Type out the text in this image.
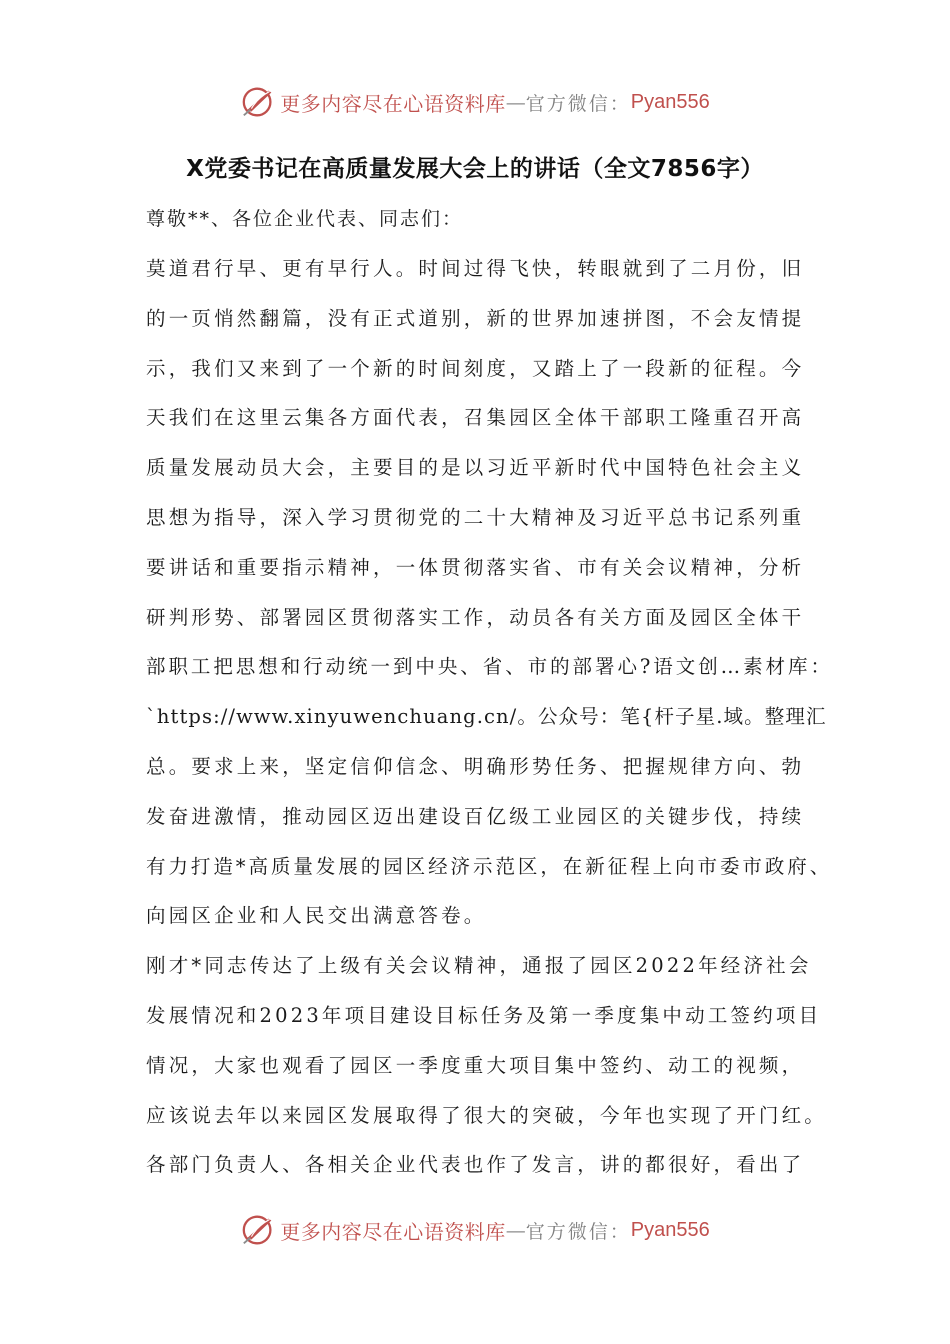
更多内容尽在心语资料库 — 官方微信： Pyan556
X党委书记在高质量发展大会上的讲话（全文7856字）
尊敬**、各位企业代表、同志们：
莫道君行早、更有早行人。时间过得飞快，转眼就到了二月份，旧
的一页悄然翻篇，没有正式道别，新的世界加速拼图，不会友情提
示，我们又来到了一个新的时间刻度，又踏上了一段新的征程。今
天我们在这里云集各方面代表，召集园区全体干部职工隆重召开高
质量发展动员大会，主要目的是以习近平新时代中国特色社会主义
思想为指导，深入学习贯彻党的二十大精神及习近平总书记系列重
要讲话和重要指示精神，一体贯彻落实省、市有关会议精神，分析
研判形势、部署园区贯彻落实工作，动员各有关方面及园区全体干
部职工把思想和行动统一到中央、省、市的部署心?语文创…素材库：
`https://www.xinyuwenchuang.cn/。公众号：笔{杆子星.域。整理汇
总。要求上来，坚定信仰信念、明确形势任务、把握规律方向、勃
发奋进激情，推动园区迈出建设百亿级工业园区的关键步伐，持续
有力打造*高质量发展的园区经济示范区，在新征程上向市委市政府、
向园区企业和人民交出满意答卷。
刚才*同志传达了上级有关会议精神，通报了园区2022年经济社会
发展情况和2023年项目建设目标任务及第一季度集中动工签约项目
情况，大家也观看了园区一季度重大项目集中签约、动工的视频，
应该说去年以来园区发展取得了很大的突破，今年也实现了开门红。
各部门负责人、各相关企业代表也作了发言，讲的都很好，看出了
更多内容尽在心语资料库 — 官方微信： Pyan556
